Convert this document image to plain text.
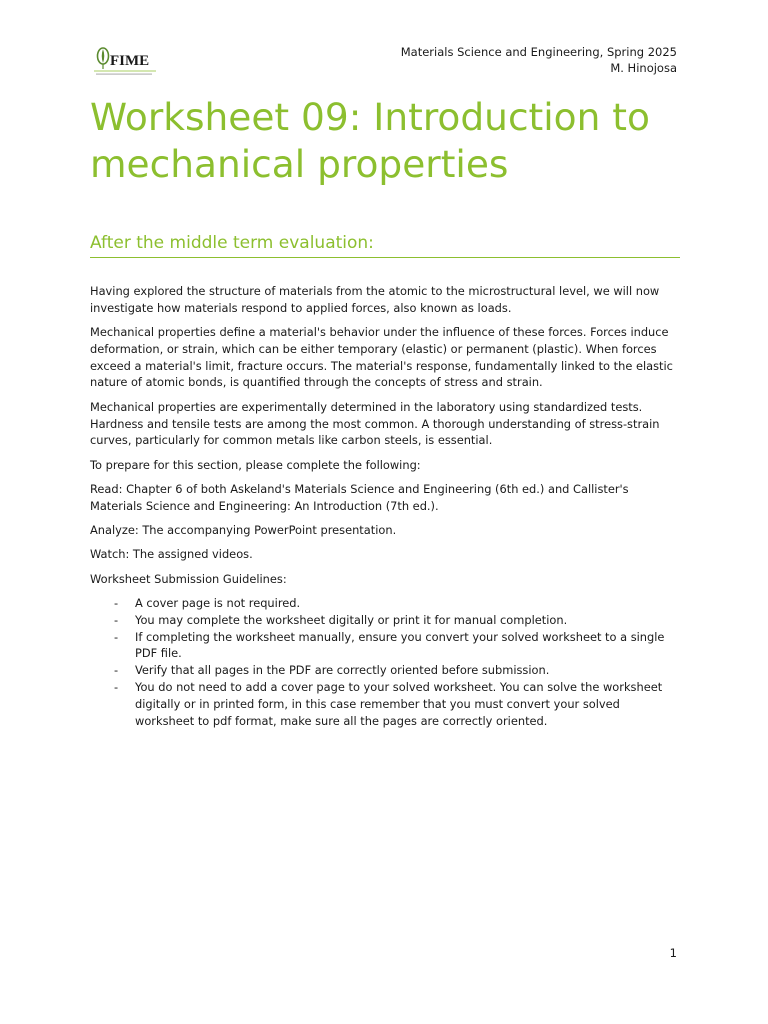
FIME
Materials Science and Engineering, Spring 2025
M. Hinojosa
Worksheet 09: Introduction to mechanical properties
After the middle term evaluation:

Having explored the structure of materials from the atomic to the microstructural level, we will now investigate how materials respond to applied forces, also known as loads.

Mechanical properties define a material's behavior under the influence of these forces. Forces induce deformation, or strain, which can be either temporary (elastic) or permanent (plastic). When forces exceed a material's limit, fracture occurs. The material's response, fundamentally linked to the elastic nature of atomic bonds, is quantified through the concepts of stress and strain.

Mechanical properties are experimentally determined in the laboratory using standardized tests. Hardness and tensile tests are among the most common. A thorough understanding of stress-strain curves, particularly for common metals like carbon steels, is essential.

To prepare for this section, please complete the following:

Read: Chapter 6 of both Askeland's Materials Science and Engineering (6th ed.) and Callister's Materials Science and Engineering: An Introduction (7th ed.).

Analyze: The accompanying PowerPoint presentation.

Watch: The assigned videos.

Worksheet Submission Guidelines:

- A cover page is not required.
- You may complete the worksheet digitally or print it for manual completion.
- If completing the worksheet manually, ensure you convert your solved worksheet to a single PDF file.
- Verify that all pages in the PDF are correctly oriented before submission.
- You do not need to add a cover page to your solved worksheet. You can solve the worksheet digitally or in printed form, in this case remember that you must convert your solved worksheet to pdf format, make sure all the pages are correctly oriented.
1
